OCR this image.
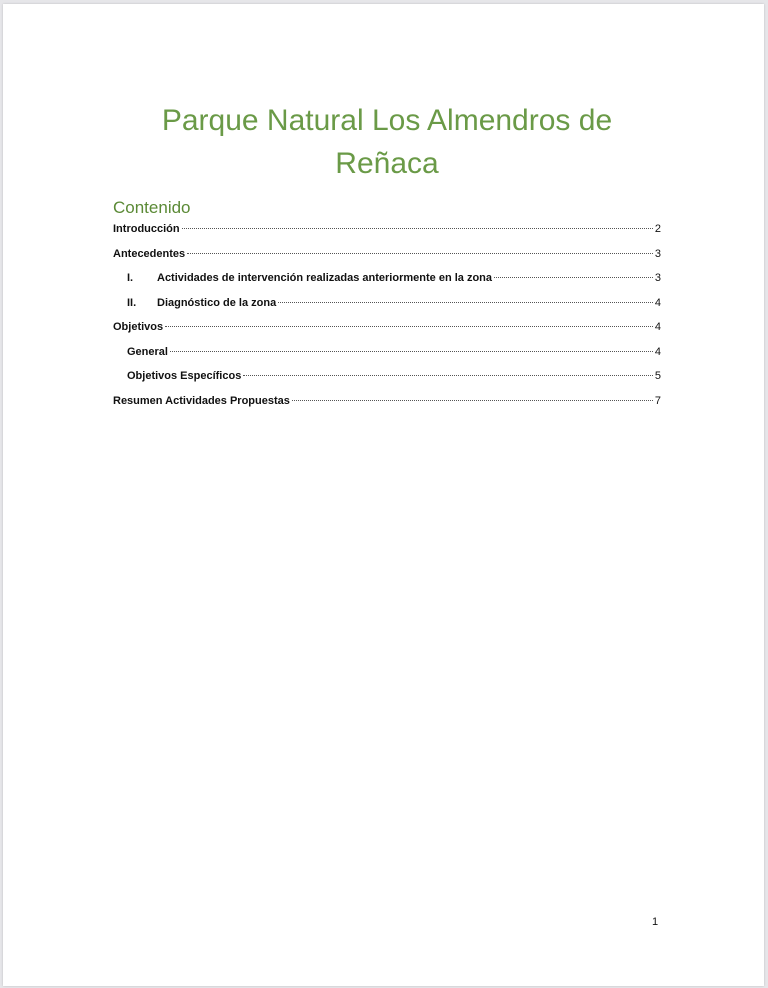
Parque Natural Los Almendros de
Reñaca
Contenido
Introducción	2
Antecedentes	3
I.	Actividades de intervención realizadas anteriormente en la zona	3
II.	Diagnóstico de la zona	4
Objetivos	4
General	4
Objetivos Específicos	5
Resumen Actividades Propuestas	7
1
